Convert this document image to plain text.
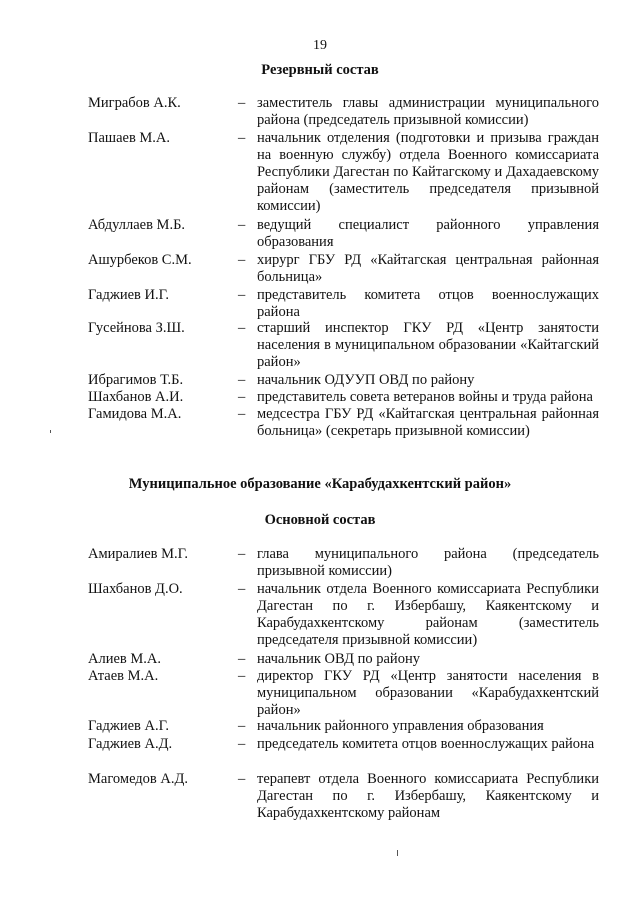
19
Резервный состав
Миграбов А.К.	– заместитель главы администрации муниципального района (председатель призывной комиссии)
Пашаев М.А.	– начальник отделения (подготовки и призыва граждан на военную службу) отдела Военного комиссариата Республики Дагестан по Кайтагскому и Дахадаевскому районам (заместитель председателя призывной комиссии)
Абдуллаев М.Б.	– ведущий специалист районного управления образования
Ашурбеков С.М.	– хирург ГБУ РД «Кайтагская центральная районная больница»
Гаджиев И.Г.	– представитель комитета отцов военнослужащих района
Гусейнова З.Ш.	– старший инспектор ГКУ РД «Центр занятости населения в муниципальном образовании «Кайтагский район»
Ибрагимов Т.Б.	– начальник ОДУУП ОВД по району
Шахбанов А.И.	– представитель совета ветеранов войны и труда района
Гамидова М.А.	– медсестра ГБУ РД «Кайтагская центральная районная больница» (секретарь призывной комиссии)
Муниципальное образование «Карабудахкентский район»
Основной состав
Амиралиев М.Г.	– глава муниципального района (председатель призывной комиссии)
Шахбанов Д.О.	– начальник отдела Военного комиссариата Республики Дагестан по г. Избербашу, Каякентскому и Карабудахкентскому районам (заместитель председателя призывной комиссии)
Алиев М.А.	– начальник ОВД по району
Атаев М.А.	– директор ГКУ РД «Центр занятости населения в муниципальном образовании «Карабудахкентский район»
Гаджиев А.Г.	– начальник районного управления образования
Гаджиев А.Д.	– председатель комитета отцов военнослужащих района
Магомедов А.Д.	– терапевт отдела Военного комиссариата Республики Дагестан по г. Избербашу, Каякентскому и Карабудахкентскому районам
